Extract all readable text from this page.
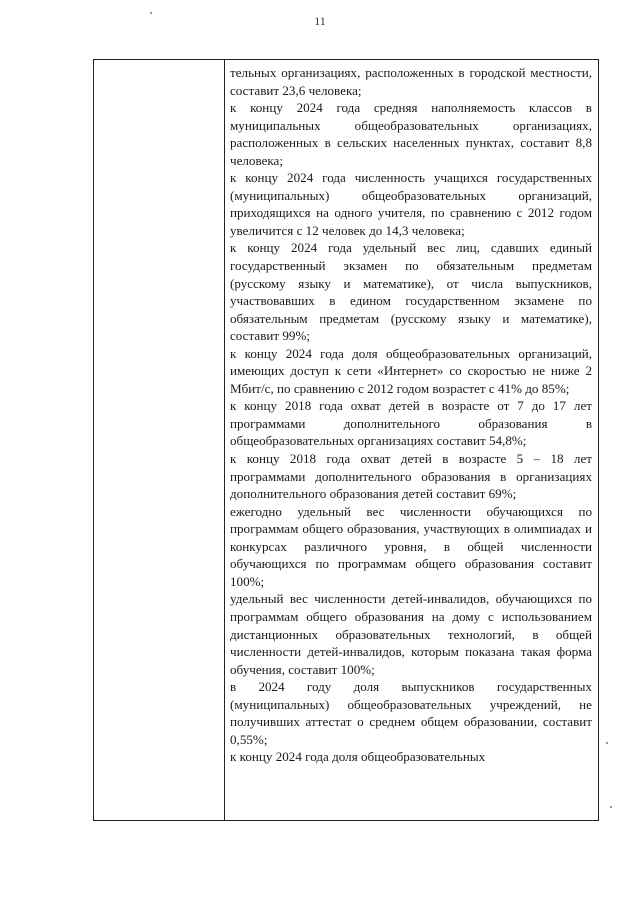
11

тельных организациях, расположенных в городской местности, составит 23,6 человека;

к концу 2024 года средняя наполняемость классов в муниципальных общеобразовательных организациях, расположенных в сельских населенных пунктах, составит 8,8 человека;

к концу 2024 года численность учащихся государственных (муниципальных) общеобразовательных организаций, приходящихся на одного учителя, по сравнению с 2012 годом увеличится с 12 человек до 14,3 человека;

к концу 2024 года удельный вес лиц, сдавших единый государственный экзамен по обязательным предметам (русскому языку и математике), от числа выпускников, участвовавших в едином государственном экзамене по обязательным предметам (русскому языку и математике), составит 99%;

к концу 2024 года доля общеобразовательных организаций, имеющих доступ к сети «Интернет» со скоростью не ниже 2 Мбит/с, по сравнению с 2012 годом возрастет с 41% до 85%;

к концу 2018 года охват детей в возрасте от 7 до 17 лет программами дополнительного образования в общеобразовательных организациях составит 54,8%;

к концу 2018 года охват детей в возрасте 5 – 18 лет программами дополнительного образования в организациях дополнительного образования детей составит 69%;

ежегодно удельный вес численности обучающихся по программам общего образования, участвующих в олимпиадах и конкурсах различного уровня, в общей численности обучающихся по программам общего образования составит 100%;

удельный вес численности детей-инвалидов, обучающихся по программам общего образования на дому с использованием дистанционных образовательных технологий, в общей численности детей-инвалидов, которым показана такая форма обучения, составит 100%;

в 2024 году доля выпускников государственных (муниципальных) общеобразовательных учреждений, не получивших аттестат о среднем общем образовании, составит 0,55%;

к концу 2024 года доля общеобразовательных
